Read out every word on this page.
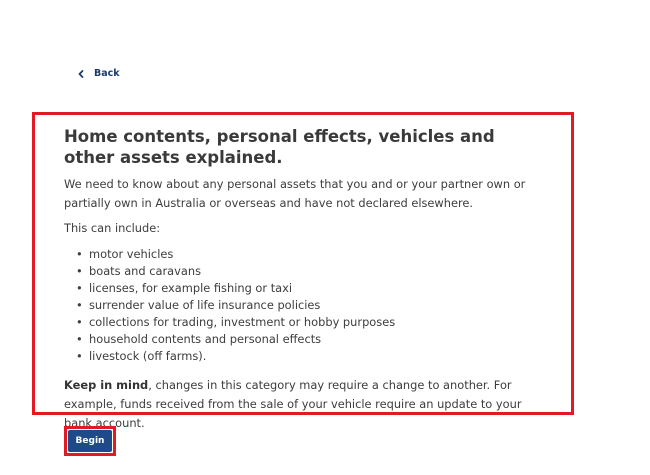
Back
Home contents, personal effects, vehicles and other assets explained.

We need to know about any personal assets that you and or your partner own or partially own in Australia or overseas and have not declared elsewhere.

This can include:

• motor vehicles
• boats and caravans
• licenses, for example fishing or taxi
• surrender value of life insurance policies
• collections for trading, investment or hobby purposes
• household contents and personal effects
• livestock (off farms).

Keep in mind, changes in this category may require a change to another. For example, funds received from the sale of your vehicle require an update to your bank account.

Begin
